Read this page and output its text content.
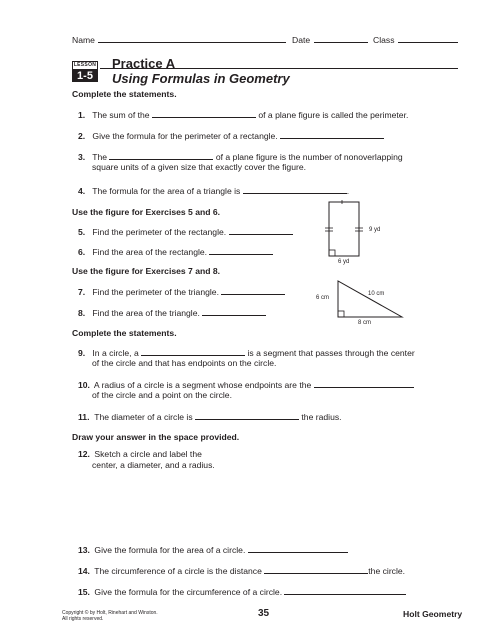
Name	Date	Class
LESSON
1-5
Practice A
Using Formulas in Geometry
Complete the statements.
1. The sum of the	of a plane figure is called the perimeter.
2. Give the formula for the perimeter of a rectangle.
3. The	of a plane figure is the number of nonoverlapping
square units of a given size that exactly cover the figure.
4. The formula for the area of a triangle is	.
Use the figure for Exercises 5 and 6.
5. Find the perimeter of the rectangle.
6. Find the area of the rectangle.
9 yd
6 yd
Use the figure for Exercises 7 and 8.
7. Find the perimeter of the triangle.
8. Find the area of the triangle.
6 cm
10 cm
8 cm
Complete the statements.
9. In a circle, a	is a segment that passes through the center
of the circle and that has endpoints on the circle.
10. A radius of a circle is a segment whose endpoints are the
of the circle and a point on the circle.
11. The diameter of a circle is	the radius.
Draw your answer in the space provided.
12. Sketch a circle and label the
center, a diameter, and a radius.
13. Give the formula for the area of a circle.
14. The circumference of a circle is the distance	the circle.
15. Give the formula for the circumference of a circle.
Copyright © by Holt, Rinehart and Winston.
All rights reserved.	35	Holt Geometry
